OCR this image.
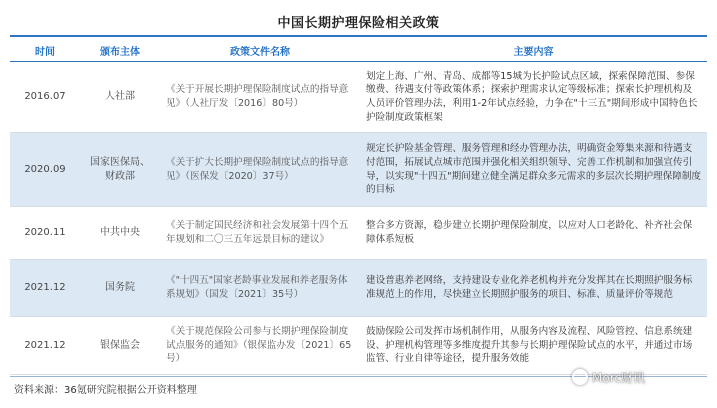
中国长期护理保险相关政策
时间	颁布主体	政策文件名称	主要内容
2016.07	人社部	《关于开展长期护理保险制度试点的指导意见》（人社厅发〔2016〕80号）	划定上海、广州、青岛、成都等15城为长护险试点区域，探索保障范围、参保缴费、待遇支付等政策体系；探索护理需求认定等级标准；探索长护理机构及人员评价管理办法，利用1-2年试点经验，力争在"十三五"期间形成中国特色长护险制度政策框架
2020.09	国家医保局、财政部	《关于扩大长期护理保险制度试点的指导意见》（医保发〔2020〕37号）	规定长护险基金管理、服务管理和经办管理办法，明确资金筹集来源和待遇支付范围，拓展试点城市范围并强化相关组织领导、完善工作机制和加强宣传引导，以实现"十四五"期间建立健全满足群众多元需求的多层次长期护理保障制度的目标
2020.11	中共中央	《关于制定国民经济和社会发展第十四个五年规划和二〇三五年远景目标的建议》	整合多方资源，稳步建立长期护理保险制度，以应对人口老龄化、补齐社会保障体系短板
2021.12	国务院	《"十四五"国家老龄事业发展和养老服务体系规划》（国发〔2021〕35号）	建设普惠养老网络，支持建设专业化养老机构并充分发挥其在长期照护服务标准规范上的作用，尽快建立长期照护服务的项目、标准、质量评价等规范
2021.12	银保监会	《关于规范保险公司参与长期护理保险制度试点服务的通知》（银保监办发〔2021〕65号）	鼓励保险公司发挥市场机制作用，从服务内容及流程、风险管控、信息系统建设、护理机构管理等多维度提升其参与长期护理保险试点的水平，并通过市场监管、行业自律等途径，提升服务效能
资料来源：36氪研究院根据公开资料整理
Morc财讯
